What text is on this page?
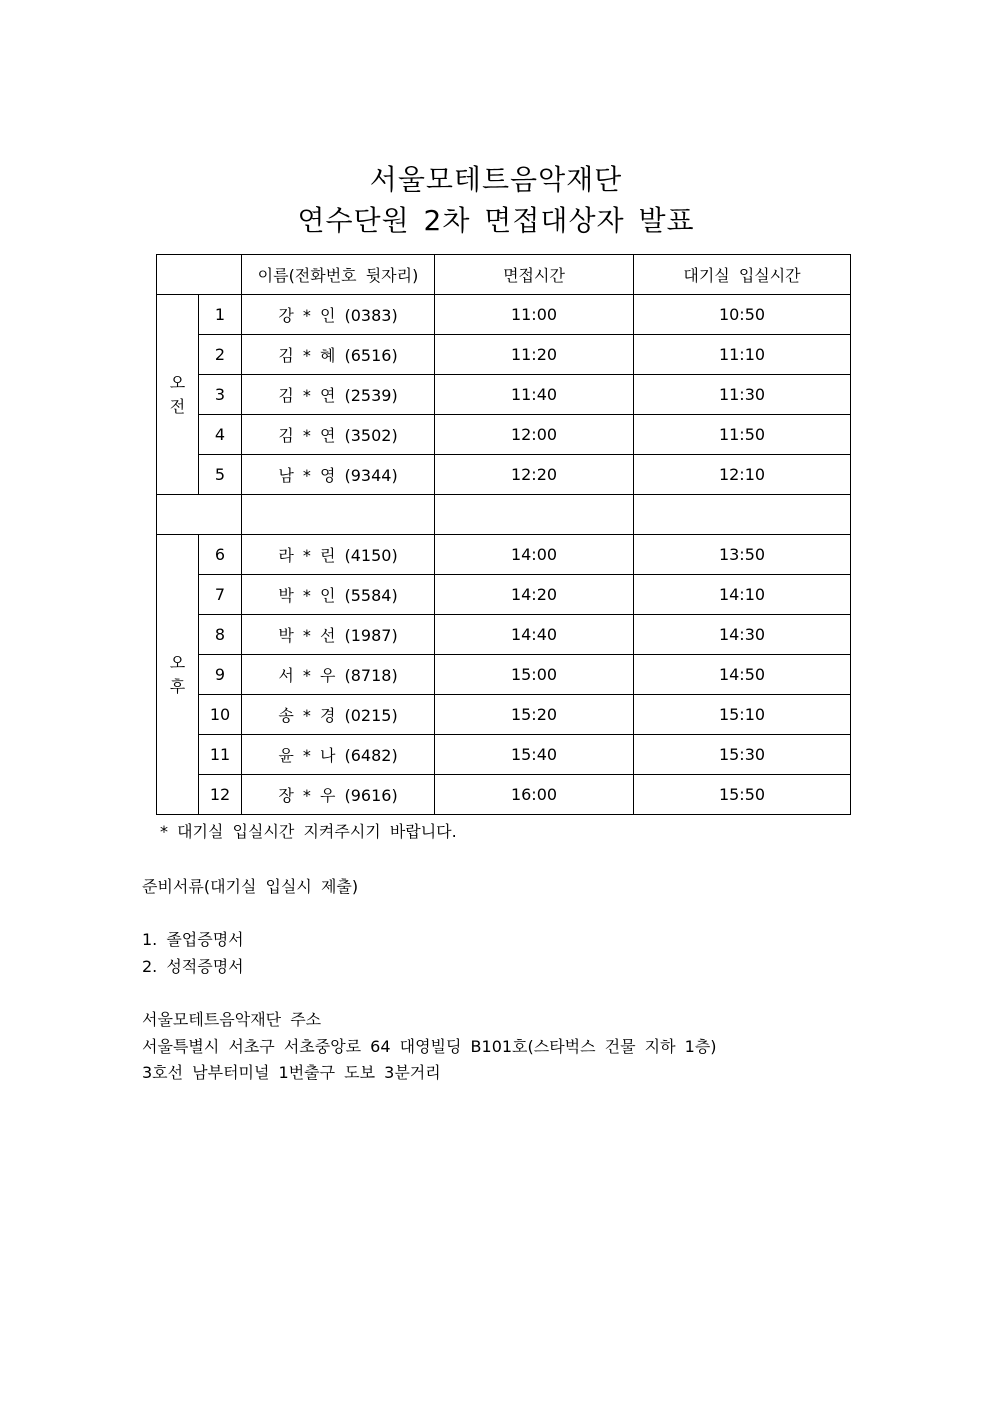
서울모테트음악재단
연수단원 2차 면접대상자 발표
		이름(전화번호 뒷자리)	면접시간	대기실 입실시간

오
전	1	강 * 인 (0383)	11:00	10:50
	2	김 * 혜 (6516)	11:20	11:10
	3	김 * 연 (2539)	11:40	11:30
	4	김 * 연 (3502)	12:00	11:50
	5	남 * 영 (9344)	12:20	12:10

오
후	6	라 * 린 (4150)	14:00	13:50
	7	박 * 인 (5584)	14:20	14:10
	8	박 * 선 (1987)	14:40	14:30
	9	서 * 우 (8718)	15:00	14:50
	10	송 * 경 (0215)	15:20	15:10
	11	윤 * 나 (6482)	15:40	15:30
	12	장 * 우 (9616)	16:00	15:50
* 대기실 입실시간 지켜주시기 바랍니다.
준비서류(대기실 입실시 제출)
1. 졸업증명서
2. 성적증명서
서울모테트음악재단 주소
서울특별시 서초구 서초중앙로 64 대영빌딩 B101호(스타벅스 건물 지하 1층)
3호선 남부터미널 1번출구 도보 3분거리
